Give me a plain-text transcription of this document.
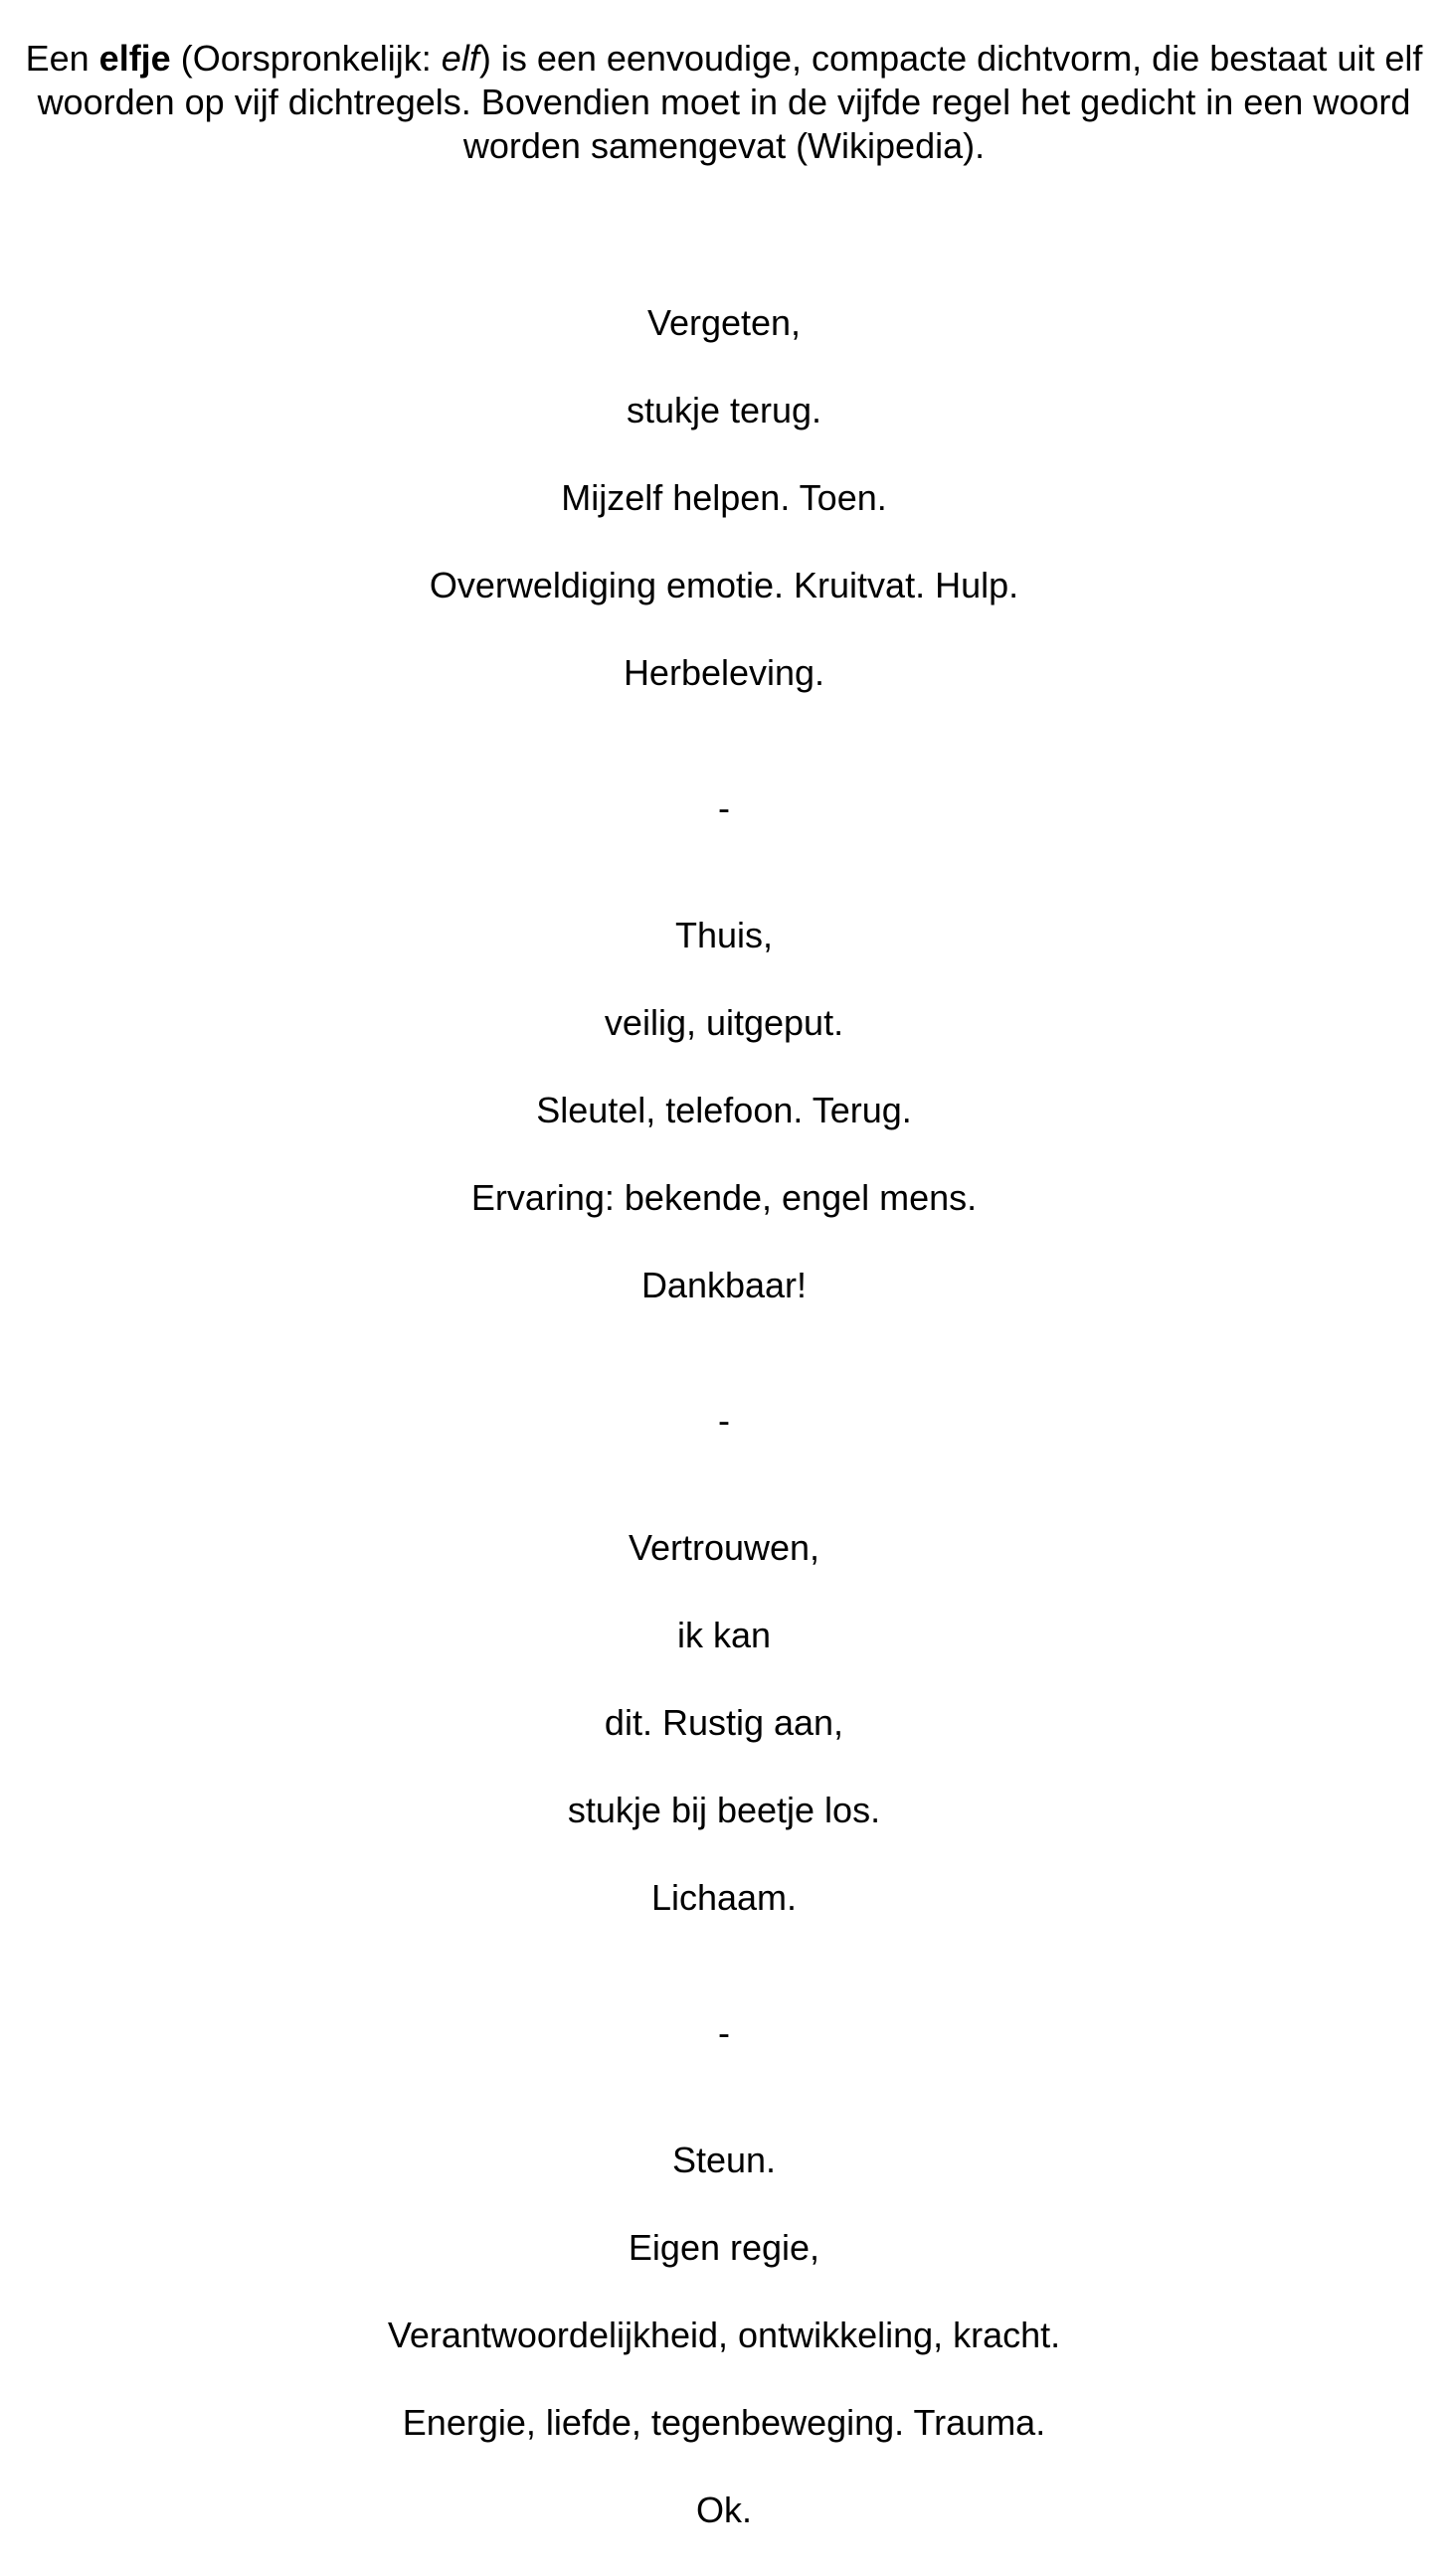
Een elfje (Oorspronkelijk: elf) is een eenvoudige, compacte dichtvorm, die bestaat uit elf woorden op vijf dichtregels. Bovendien moet in de vijfde regel het gedicht in een woord worden samengevat (Wikipedia).

Vergeten,
stukje terug.
Mijzelf helpen. Toen.
Overweldiging emotie. Kruitvat. Hulp.
Herbeleving.
-
Thuis,
veilig, uitgeput.
Sleutel, telefoon. Terug.
Ervaring: bekende, engel mens.
Dankbaar!
-
Vertrouwen,
ik kan
dit. Rustig aan,
stukje bij beetje los.
Lichaam.
-
Steun.
Eigen regie,
Verantwoordelijkheid, ontwikkeling, kracht.
Energie, liefde, tegenbeweging. Trauma.
Ok.
